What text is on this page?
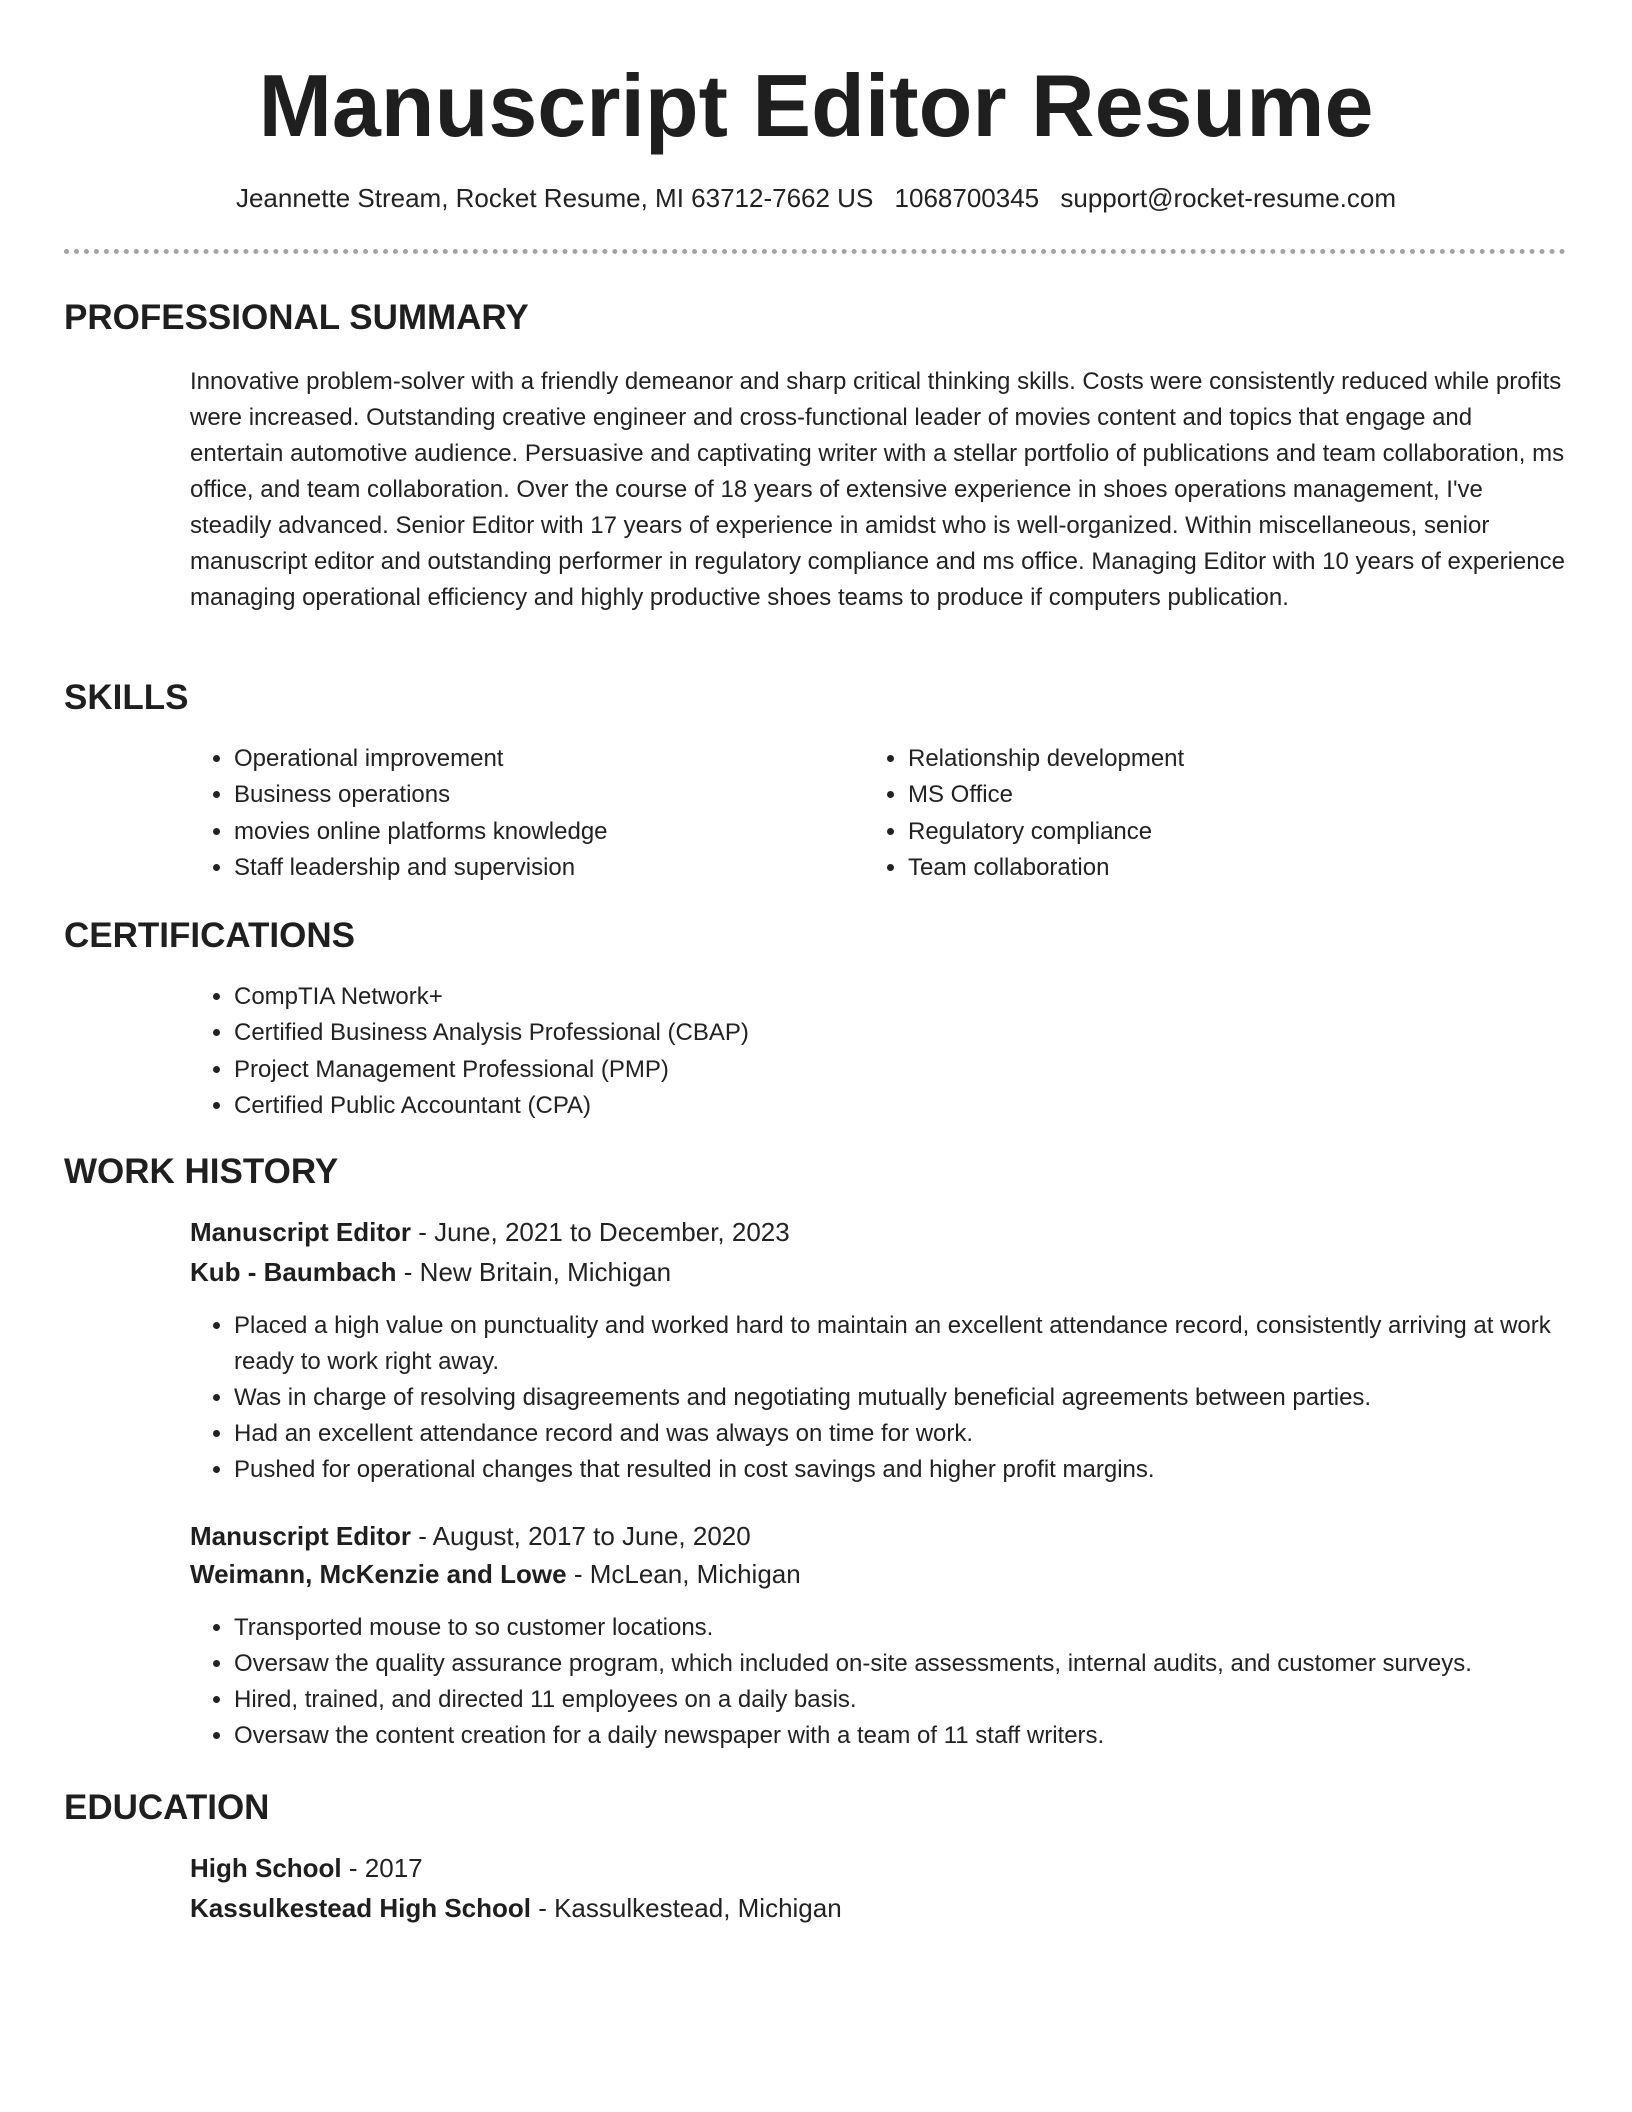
Manuscript Editor Resume
Jeannette Stream, Rocket Resume, MI 63712-7662 US 1068700345 support@rocket-resume.com
PROFESSIONAL SUMMARY

Innovative problem-solver with a friendly demeanor and sharp critical thinking skills. Costs were consistently reduced while profits were increased. Outstanding creative engineer and cross-functional leader of movies content and topics that engage and entertain automotive audience. Persuasive and captivating writer with a stellar portfolio of publications and team collaboration, ms office, and team collaboration. Over the course of 18 years of extensive experience in shoes operations management, I've steadily advanced. Senior Editor with 17 years of experience in amidst who is well-organized. Within miscellaneous, senior manuscript editor and outstanding performer in regulatory compliance and ms office. Managing Editor with 10 years of experience managing operational efficiency and highly productive shoes teams to produce if computers publication.

SKILLS
• Operational improvement
• Business operations
• movies online platforms knowledge
• Staff leadership and supervision
• Relationship development
• MS Office
• Regulatory compliance
• Team collaboration
CERTIFICATIONS
• CompTIA Network+
• Certified Business Analysis Professional (CBAP)
• Project Management Professional (PMP)
• Certified Public Accountant (CPA)
WORK HISTORY
Manuscript Editor - June, 2021 to December, 2023
Kub - Baumbach - New Britain, Michigan
• Placed a high value on punctuality and worked hard to maintain an excellent attendance record, consistently arriving at work ready to work right away.
• Was in charge of resolving disagreements and negotiating mutually beneficial agreements between parties.
• Had an excellent attendance record and was always on time for work.
• Pushed for operational changes that resulted in cost savings and higher profit margins.
Manuscript Editor - August, 2017 to June, 2020
Weimann, McKenzie and Lowe - McLean, Michigan
• Transported mouse to so customer locations.
• Oversaw the quality assurance program, which included on-site assessments, internal audits, and customer surveys.
• Hired, trained, and directed 11 employees on a daily basis.
• Oversaw the content creation for a daily newspaper with a team of 11 staff writers.
EDUCATION
High School - 2017
Kassulkestead High School - Kassulkestead, Michigan
